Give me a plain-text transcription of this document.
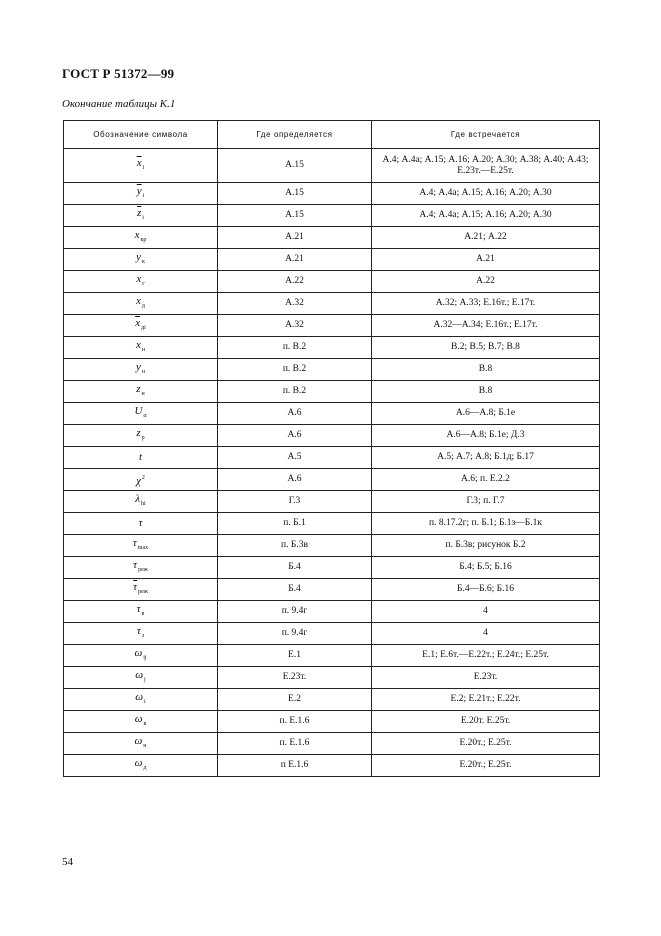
ГОСТ Р 51372—99
Окончание таблицы К.1
Обозначение символа	Где определяется	Где встречается
$\overline{x}_i$	А.15	А.4; А.4а; А.15; А.16; А.20; А.30; А.38; А.40; А.43; Е.23т.—Е.25т.
$\overline{y}_i$	А.15	А.4; А.4а; А.15; А.16; А.20; А.30
$\overline{z}_i$	А.15	А.4; А.4а; А.15; А.16; А.20; А.30
$x_{кр}$	А.21	А.21; А.22
$y_к$	А.21	А.21
$x_г$	А.22	А.22
$x_д$	А.32	А.32; А.33; Е.16т.; Е.17т.
$\overline{x}_{дi}$	А.32	А.32—А.34; Е.16т.; Е.17т.
$x_н$	п. В.2	В.2; В.5; В.7; В.8
$y_н$	п. В.2	В.8
$z_н$	п. В.2	В.8
$U_\alpha$	А.6	А.6—А.8; Б.1е
$z_p$	А.6	А.6—А.8; Б.1е; Д.3
t	А.5	А.5; А.7; А.8; Б.1д; Б.17
$\chi^2$	А.6	А.6; п. Е.2.2
$\lambda_{hi}$	Г.3	Г.3; п. Г.7
τ	п. Б.1	п. 8.17.2г; п. Б.1; Б.1з—Б.1к
$\tau_{max}$	п. Б.3в	п. Б.3в; рисунок Б.2
$\tau_{реж}$	Б.4	Б.4; Б.5; Б.16
$\overline{\tau}_{реж}$	Б.4	Б.4—Б.6; Б.16
$\tau_в$	п. 9.4г	4
$\tau_з$	п. 9.4г	4
$\omega_{ij}$	Е.1	Е.1; Е.6т.—Е.22т.; Е.24т.; Е.25т.
$\omega_j$	Е.23т.	Е.23т.
$\omega_i$	Е.2	Е.2; Е.21т.; Е.22т.
$\omega_в$	п. Е.1.6	Е.20т. Е.25т.
$\omega_н$	п. Е.1.6	Е.20т.; Е.25т.
$\omega_д$	п Е.1.6	Е.20т.; Е.25т.
54
